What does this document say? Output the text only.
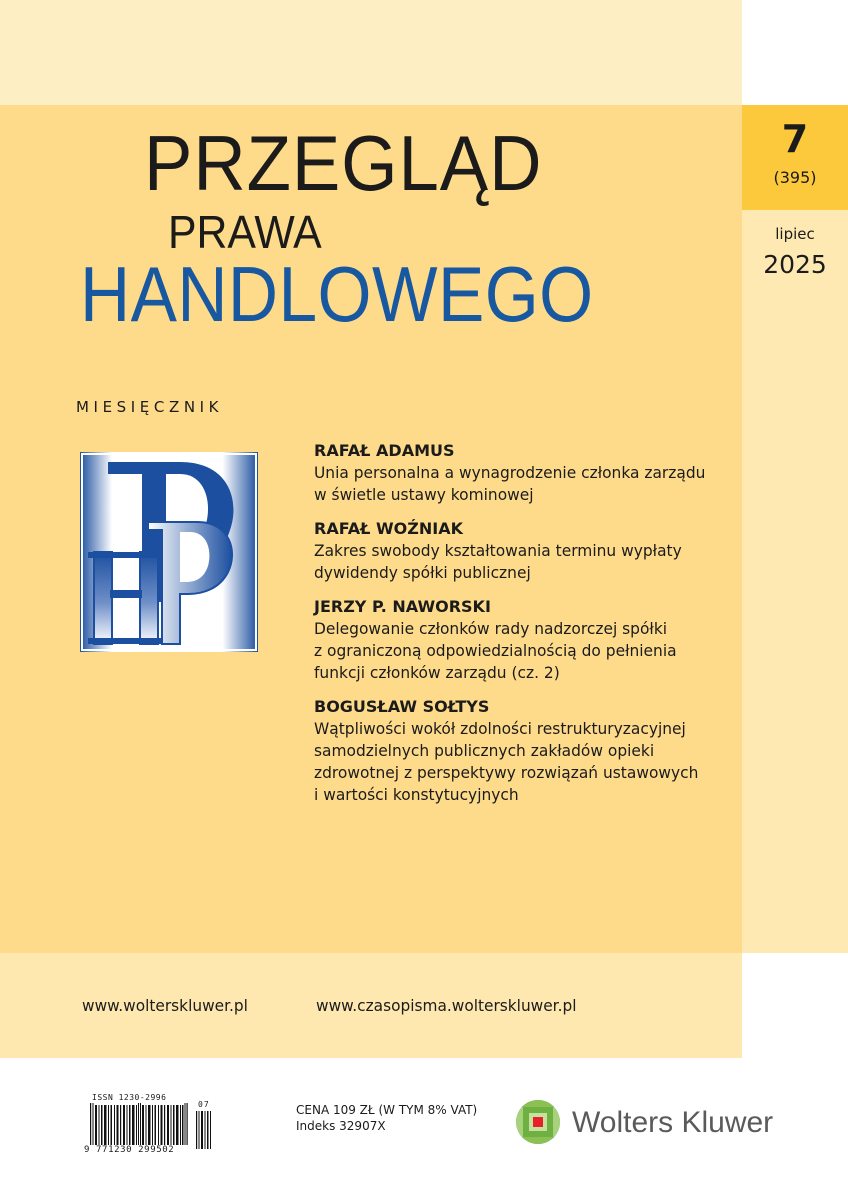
PRZEGLĄD
PRAWA
HANDLOWEGO
7
(395)
lipiec
2025
MIESIĘCZNIK
RAFAŁ ADAMUS
Unia personalna a wynagrodzenie członka zarządu
w świetle ustawy kominowej
RAFAŁ WOŹNIAK
Zakres swobody kształtowania terminu wypłaty
dywidendy spółki publicznej
JERZY P. NAWORSKI
Delegowanie członków rady nadzorczej spółki
z ograniczoną odpowiedzialnością do pełnienia
funkcji członków zarządu (cz. 2)
BOGUSŁAW SOŁTYS
Wątpliwości wokół zdolności restrukturyzacyjnej
samodzielnych publicznych zakładów opieki
zdrowotnej z perspektywy rozwiązań ustawowych
i wartości konstytucyjnych
www.wolterskluwer.pl	www.czasopisma.wolterskluwer.pl
ISSN 1230-2996
9 771230 299502
07	CENA 109 ZŁ (W TYM 8% VAT)
Indeks 32907X	Wolters Kluwer
